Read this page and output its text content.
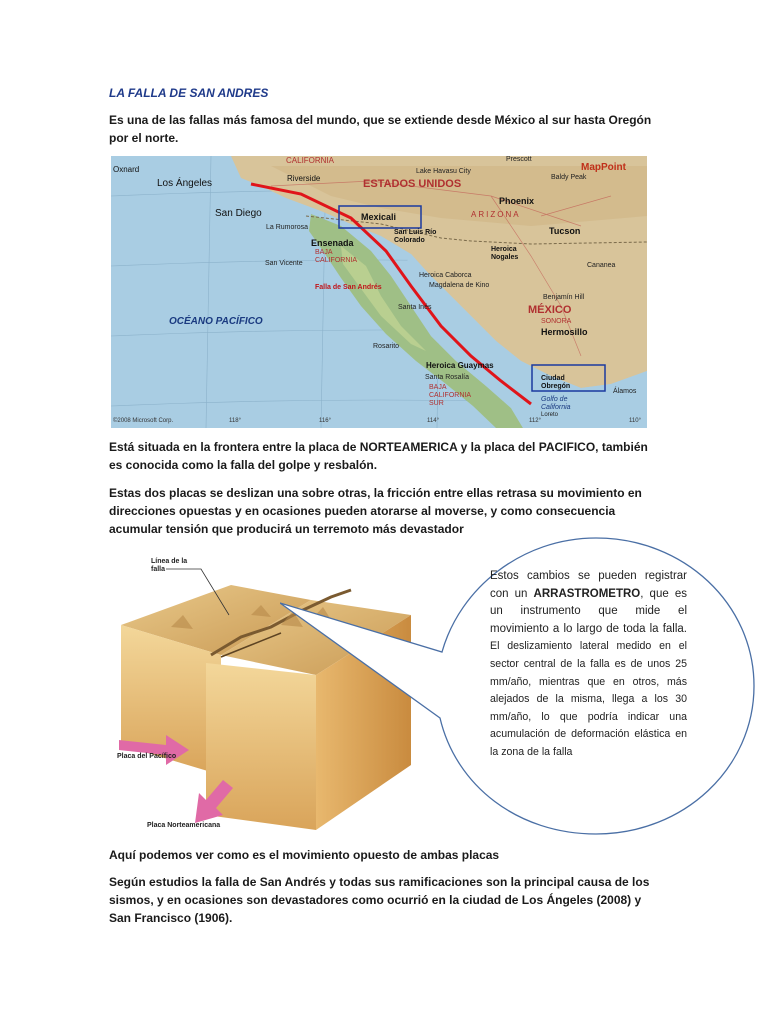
LA FALLA DE SAN ANDRES
Es una de las fallas más famosa del mundo, que se extiende desde México al sur hasta Oregón por el norte.
CALIFORNIA
Lake Havasu City
Prescott
MapPoint
Oxnard
Riverside	Baldy Peak
Los Ángeles	ESTADOS UNIDOS
Phoenix
San Diego	Mexicali	ARIZONA
La Rumorosa
San Luis Río Colorado
Tucson
Ensenada
BAJA CALIFORNIA
Heroica Nogales
San Vicente
Heroica Caborca
Magdalena de Kino
Cananea
Falla de San Andrés
Benjamín Hill
OCÉANO PACÍFICO
Santa Inés	MÉXICO
SONORA
Hermosillo
Rosarito
Heroica Guaymas
Santa Rosalía	Ciudad Obregón
Álamos
BAJA CALIFORNIA SUR
Golfo de California
Loreto
©2008 Microsoft Corp.	118°	116°	114°	112°	110°
Está situada en la frontera entre la placa de NORTEAMERICA y la placa del PACIFICO, también es conocida como la falla del golpe y resbalón.
Estas dos placas se deslizan una sobre otras, la fricción entre ellas retrasa su movimiento en direcciones opuestas y en ocasiones pueden atorarse al moverse, y como consecuencia acumular tensión que producirá un terremoto más devastador
Línea de la falla
Placa del Pacífico
Placa Norteamericana
Estos cambios se pueden registrar con un ARRASTROMETRO, que es un instrumento que mide el movimiento a lo largo de toda la falla. El deslizamiento lateral medido en el sector central de la falla es de unos 25 mm/año, mientras que en otros, más alejados de la misma, llega a los 30 mm/año, lo que podría indicar una acumulación de deformación elástica en la zona de la falla
Aquí podemos ver como es el movimiento opuesto de ambas placas
Según estudios la falla de San Andrés y todas sus ramificaciones son la principal causa de los sismos, y en ocasiones son devastadores como ocurrió en la ciudad de Los Ángeles (2008) y San Francisco (1906).
